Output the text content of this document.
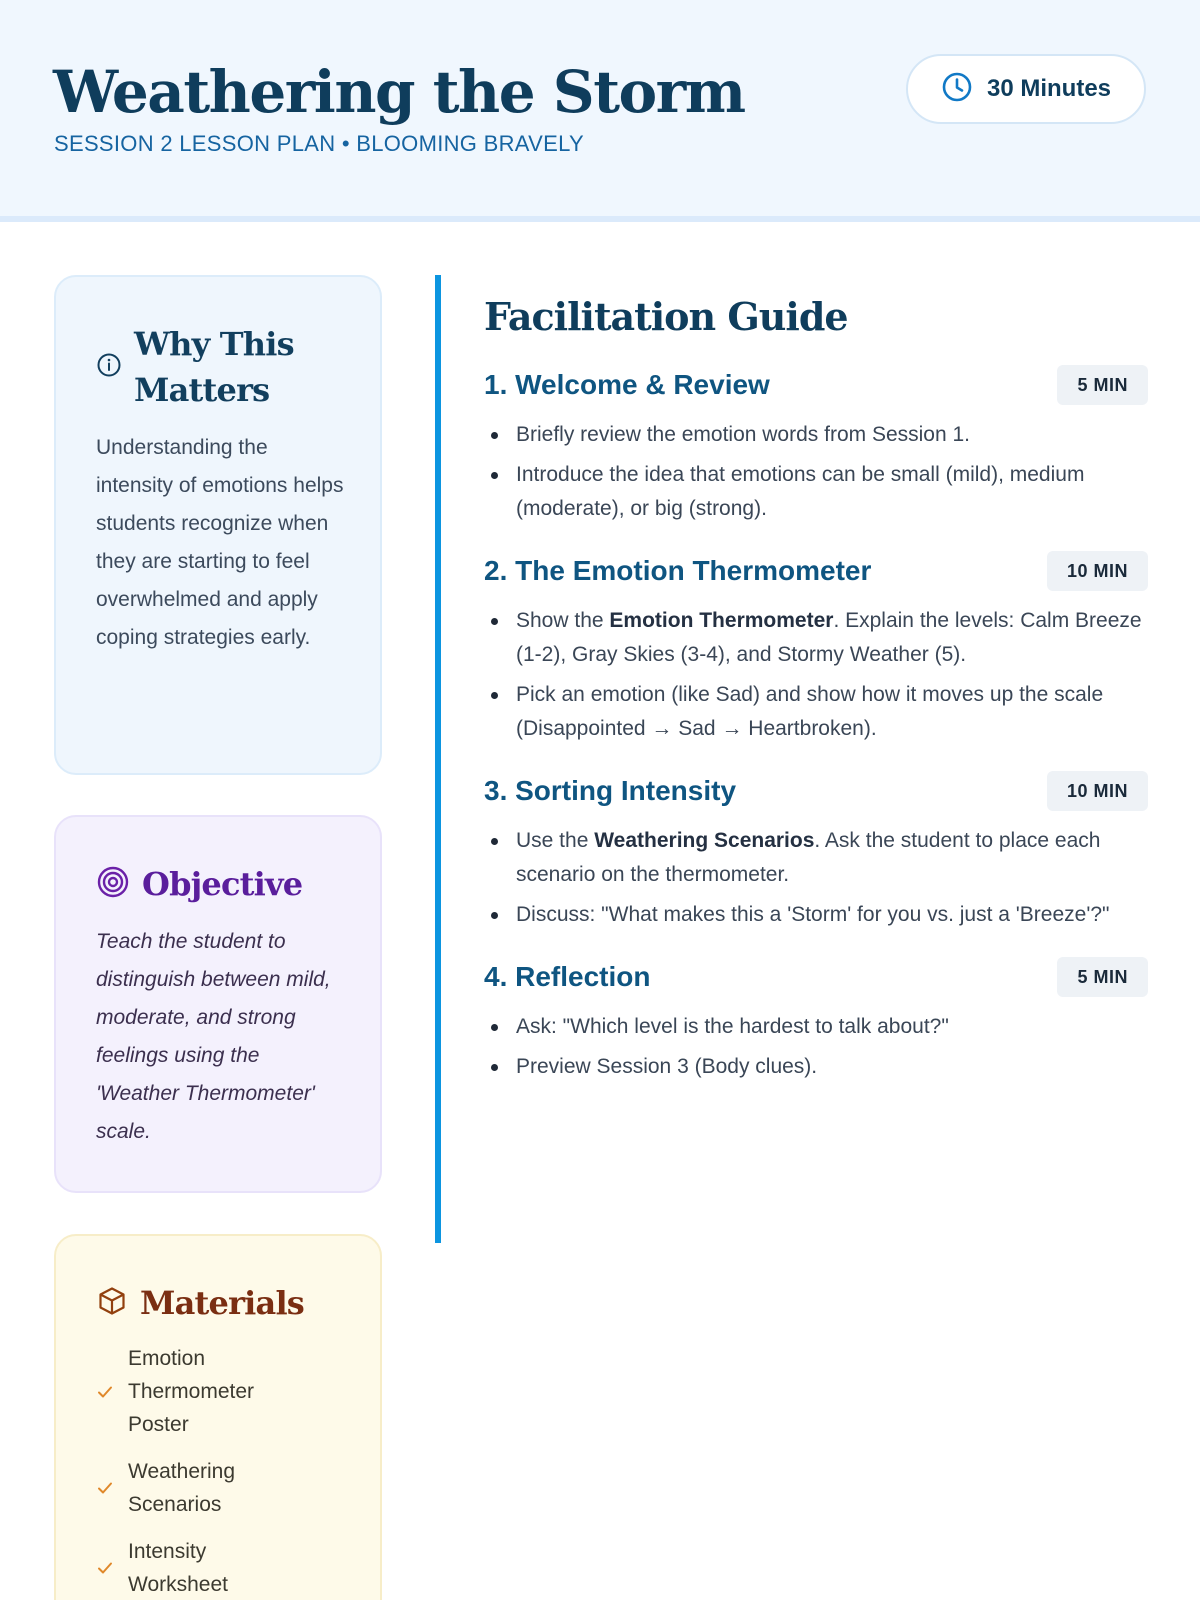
Weathering the Storm
SESSION 2 LESSON PLAN • BLOOMING BRAVELY
30 Minutes
Why This Matters

Understanding the intensity of emotions helps students recognize when they are starting to feel overwhelmed and apply coping strategies early.

Objective

Teach the student to distinguish between mild, moderate, and strong feelings using the 'Weather Thermometer' scale.

Materials
Emotion Thermometer Poster
Weathering Scenarios
Intensity Worksheet
Facilitation Guide
1. Welcome & Review	5 MIN
Briefly review the emotion words from Session 1.
Introduce the idea that emotions can be small (mild), medium (moderate), or big (strong).
2. The Emotion Thermometer	10 MIN
Show the Emotion Thermometer. Explain the levels: Calm Breeze (1-2), Gray Skies (3-4), and Stormy Weather (5).
Pick an emotion (like Sad) and show how it moves up the scale (Disappointed → Sad → Heartbroken).
3. Sorting Intensity	10 MIN
Use the Weathering Scenarios. Ask the student to place each scenario on the thermometer.
Discuss: "What makes this a 'Storm' for you vs. just a 'Breeze'?"
4. Reflection	5 MIN
Ask: "Which level is the hardest to talk about?"
Preview Session 3 (Body clues).
